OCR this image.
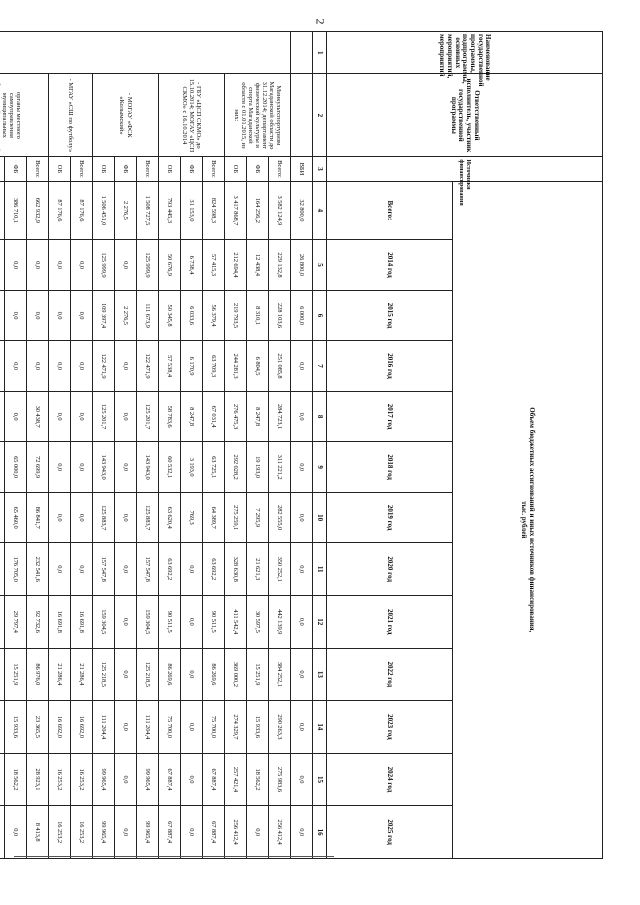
2
Наименование государственной программы, подпрограммы, основных мероприятий, мероприятий	Ответственный исполнитель, участник государственной программы	Источники финансирования	Объем бюджетных ассигнований и иных источников финансирования,
тыс. рублей												
			Всего:	2014 год	2015 год	2016 год	2017 год	2018 год	2019 год	2020 год	2021 год	2022 год	2023 год	2024 год	2025 год
1	2	3	4	5	6	7	8	9	10	11	12	13	14	15	16
		ВБИ	32 800,0	26 800,0	6 000,0	0,0	0,0	0,0	0,0	0,0	0,0	0,0	0,0	0,0	0,0
	Минкультспортуризм Магаданской области до 31.12.2014; департамент физической культуры и спорта Магаданской области с 01.01.2015, из них:	Всего:	3 582 124,9	229 132,8	228 103,6	251 085,8	284 723,1	311 221,2	282 555,0	350 252,1	442 139,9	384 252,1	290 263,3	275 983,6	256 412,4
		ФБ	164 256,2	12 438,4	8 310,1	6 804,5	8 247,8	19 193,0	7 295,9	21 621,3	30 597,5	15 251,9	15 933,6	18 562,2	0,0
		ОБ	3 417 868,7	212 694,4	219 793,5	244 281,3	276 475,3	292 028,2	275 259,1	328 630,8	411 542,4	369 000,2	274 329,7	257 421,4	256 412,4
	- ГБУ «ЦСП СКМО» до 15.10.2014; МОГАУ «ЦСП СКМО» с 16.10.2014	Всего:	824 598,3	57 415,3	56 379,4	63 709,3	67 031,4	63 725,1	64 389,7	63 692,2	90 511,5	86 269,6	75 700,0	67 887,4	67 887,4
		ФБ	31 153,0	6 738,4	6 033,6	6 170,9	8 247,8	3 193,0	769,3	0,0	0,0	0,0	0,0	0,0	0,0
		ОБ	793 445,3	50 676,9	50 345,8	57 538,4	58 783,6	60 532,1	63 620,4	63 692,2	90 511,5	86 269,6	75 700,0	67 887,4	67 887,4
	- МОГАУ «ФСК «Колымский»	Всего:	1 508 727,5	125 999,9	111 673,9	122 471,9	125 201,7	143 943,0	125 883,7	157 547,8	159 304,5	125 218,5	111 204,4	99 965,4	99 965,4
		ФБ	2 276,5	0,0	2 276,5	0,0	0,0	0,0	0,0	0,0	0,0	0,0	0,0	0,0	0,0
		ОБ	1 506 451,0	125 999,9	109 397,4	122 471,9	125 201,7	143 943,0	125 883,7	157 547,8	159 304,5	125 218,5	111 204,4	99 965,4	99 965,4
	- МГАУ «СШ по футболу»	Всего:	87 176,6	0,0	0,0	0,0	0,0	0,0	0,0	0,0	16 691,8	21 286,4	16 692,0	16 253,2	16 253,2
		ОБ	87 176,6	0,0	0,0	0,0	0,0	0,0	0,0	0,0	16 691,8	21 286,4	16 692,0	16 253,2	16 253,2
	органы местного самоуправления муниципальных	Всего:	662 932,9	0,0	0,0	0,0	30 438,7	72 699,9	86 841,7	232 541,6	92 732,6	86 976,0	23 365,5	28 923,1	8 413,8
		ФБ	386 710,1	0,0	0,0	0,0	0,0	65 000,0	65 460,0	176 705,0	29 797,4	15 251,9	15 933,6	18 562,2	0,0
